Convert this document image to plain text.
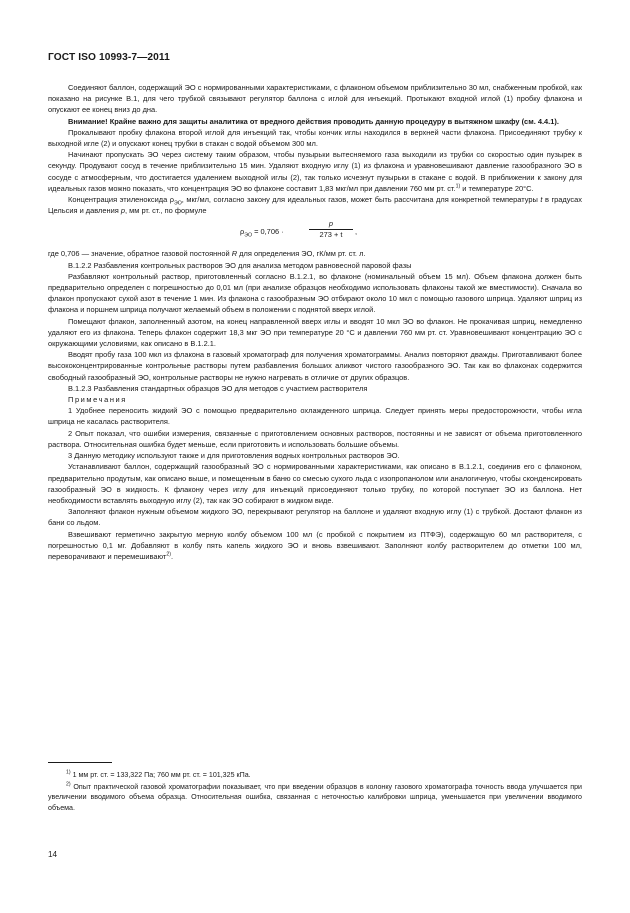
ГОСТ ISO 10993-7—2011

Соединяют баллон, содержащий ЭО с нормированными характеристиками, с флаконом объемом приблизительно 30 мл, снабженным пробкой, как показано на рисунке В.1, для чего трубкой связывают регулятор баллона с иглой для инъекций. Протыкают входной иглой (1) пробку флакона и опускают ее конец вниз до дна.

Внимание! Крайне важно для защиты аналитика от вредного действия проводить данную процедуру в вытяжном шкафу (см. 4.4.1).

Прокалывают пробку флакона второй иглой для инъекций так, чтобы кончик иглы находился в верхней части флакона. Присоединяют трубку к выходной игле (2) и опускают конец трубки в стакан с водой объемом 300 мл.

Начинают пропускать ЭО через систему таким образом, чтобы пузырьки вытесняемого газа выходили из трубки со скоростью один пузырек в секунду. Продувают сосуд в течение приблизительно 15 мин. Удаляют входную иглу (1) из флакона и уравновешивают давление газообразного ЭО в сосуде с атмосферным, что достигается удалением выходной иглы (2), так только исчезнут пузырьки в стакане с водой. В приближении к закону для идеальных газов можно показать, что концентрация ЭО во флаконе составит 1,83 мкг/мл при давлении 760 мм рт. ст.$^{1)}$ и температуре 20°С.

Концентрация этиленоксида $\rho_{ЭО}$, мкг/мл, согласно закону для идеальных газов, может быть рассчитана для конкретной температуры t в градусах Цельсия и давления p, мм рт. ст., по формуле

$\rho_{ЭО} = 0,706$ ·	$\frac{p}{273 + t}$ ,

где 0,706 — значение, обратное газовой постоянной R для определения ЭО, гК/мм рт. ст. л.

В.1.2.2 Разбавления контрольных растворов ЭО для анализа методом равновесной паровой фазы

Разбавляют контрольный раствор, приготовленный согласно В.1.2.1, во флаконе (номинальный объем 15 мл). Объем флакона должен быть предварительно определен с погрешностью до 0,01 мл (при анализе образцов необходимо использовать флаконы такой же вместимости). Сначала во флакон пропускают сухой азот в течение 1 мин. Из флакона с газообразным ЭО отбирают около 10 мкл с помощью газового шприца. Удаляют шприц из флакона и поршнем шприца получают желаемый объем в положении с поднятой вверх иглой.

Помещают флакон, заполненный азотом, на конец направленной вверх иглы и вводят 10 мкл ЭО во флакон. Не прокачивая шприц, немедленно удаляют его из флакона. Теперь флакон содержит 18,3 мкг ЭО при температуре 20 °С и давлении 760 мм рт. ст. Уравновешивают концентрацию ЭО с окружающими условиями, как описано в В.1.2.1.

Вводят пробу газа 100 мкл из флакона в газовый хроматограф для получения хроматограммы. Анализ повторяют дважды. Приготавливают более высококонцентрированные контрольные растворы путем разбавления больших аликвот чистого газообразного ЭО. Так как во флаконах содержится свободный газообразный ЭО, контрольные растворы не нужно нагревать в отличие от других образцов.

В.1.2.3 Разбавления стандартных образцов ЭО для методов с участием растворителя

Примечания

1 Удобнее переносить жидкий ЭО с помощью предварительно охлажденного шприца. Следует принять меры предосторожности, чтобы игла шприца не касалась растворителя.

2 Опыт показал, что ошибки измерения, связанные с приготовлением основных растворов, постоянны и не зависят от объема приготовленного раствора. Относительная ошибка будет меньше, если приготовить и использовать большие объемы.

3 Данную методику используют также и для приготовления водных контрольных растворов ЭО.

Устанавливают баллон, содержащий газообразный ЭО с нормированными характеристиками, как описано в В.1.2.1, соединив его с флаконом, предварительно продутым, как описано выше, и помещенным в баню со смесью сухого льда с изопропанолом или аналогичную, чтобы сконденсировать газообразный ЭО в жидкость. К флакону через иглу для инъекций присоединяют только трубку, по которой поступает ЭО из баллона. Нет необходимости вставлять выходную иглу (2), так как ЭО собирают в жидком виде.

Заполняют флакон нужным объемом жидкого ЭО, перекрывают регулятор на баллоне и удаляют входную иглу (1) с трубкой. Достают флакон из бани со льдом.

Взвешивают герметично закрытую мерную колбу объемом 100 мл (с пробкой с покрытием из ПТФЭ), содержащую 60 мл растворителя, с погрешностью 0,1 мг. Добавляют в колбу пять капель жидкого ЭО и вновь взвешивают. Заполняют колбу растворителем до отметки 100 мл, переворачивают и перемешивают$^{2)}$.

$^{1)}$ 1 мм рт. ст. = 133,322 Па; 760 мм рт. ст. = 101,325 кПа.

$^{2)}$ Опыт практической газовой хроматографии показывает, что при введении образцов в колонку газового хроматографа точность ввода улучшается при увеличении вводимого объема образца. Относительная ошибка, связанная с неточностью калибровки шприца, уменьшается при увеличении вводимого объема.

14
